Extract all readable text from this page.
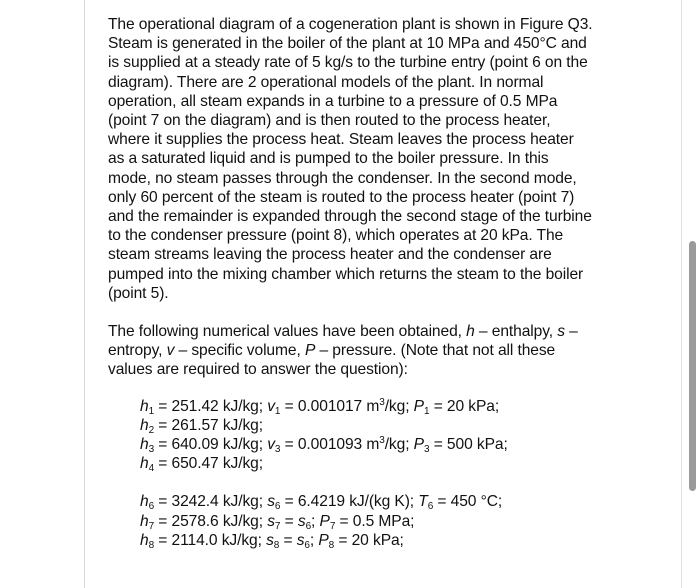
The operational diagram of a cogeneration plant is shown in Figure Q3. Steam is generated in the boiler of the plant at 10 MPa and 450°C and is supplied at a steady rate of 5 kg/s to the turbine entry (point 6 on the diagram). There are 2 operational models of the plant. In normal operation, all steam expands in a turbine to a pressure of 0.5 MPa (point 7 on the diagram) and is then routed to the process heater, where it supplies the process heat. Steam leaves the process heater as a saturated liquid and is pumped to the boiler pressure. In this mode, no steam passes through the condenser. In the second mode, only 60 percent of the steam is routed to the process heater (point 7) and the remainder is expanded through the second stage of the turbine to the condenser pressure (point 8), which operates at 20 kPa. The steam streams leaving the process heater and the condenser are pumped into the mixing chamber which returns the steam to the boiler (point 5).

The following numerical values have been obtained, h – enthalpy, s – entropy, v – specific volume, P – pressure. (Note that not all these values are required to answer the question):

$h_1 = 251.42$ kJ/kg; $v_1 = 0.001017$ $m^3/kg$; $P_1 = 20$ kPa;
$h_2 = 261.57$ kJ/kg;
$h_3 = 640.09$ kJ/kg; $v_3 = 0.001093$ $m^3/kg$; $P_3 = 500$ kPa;
$h_4 = 650.47$ kJ/kg;
$h_6 = 3242.4$ kJ/kg; $s_6 = 6.4219$ kJ/(kg K); $T_6 = 450$ °C;
$h_7 = 2578.6$ kJ/kg; $s_7 = s_6$; $P_7 = 0.5$ MPa;
$h_8 = 2114.0$ kJ/kg; $s_8 = s_6$; $P_8 = 20$ kPa;
